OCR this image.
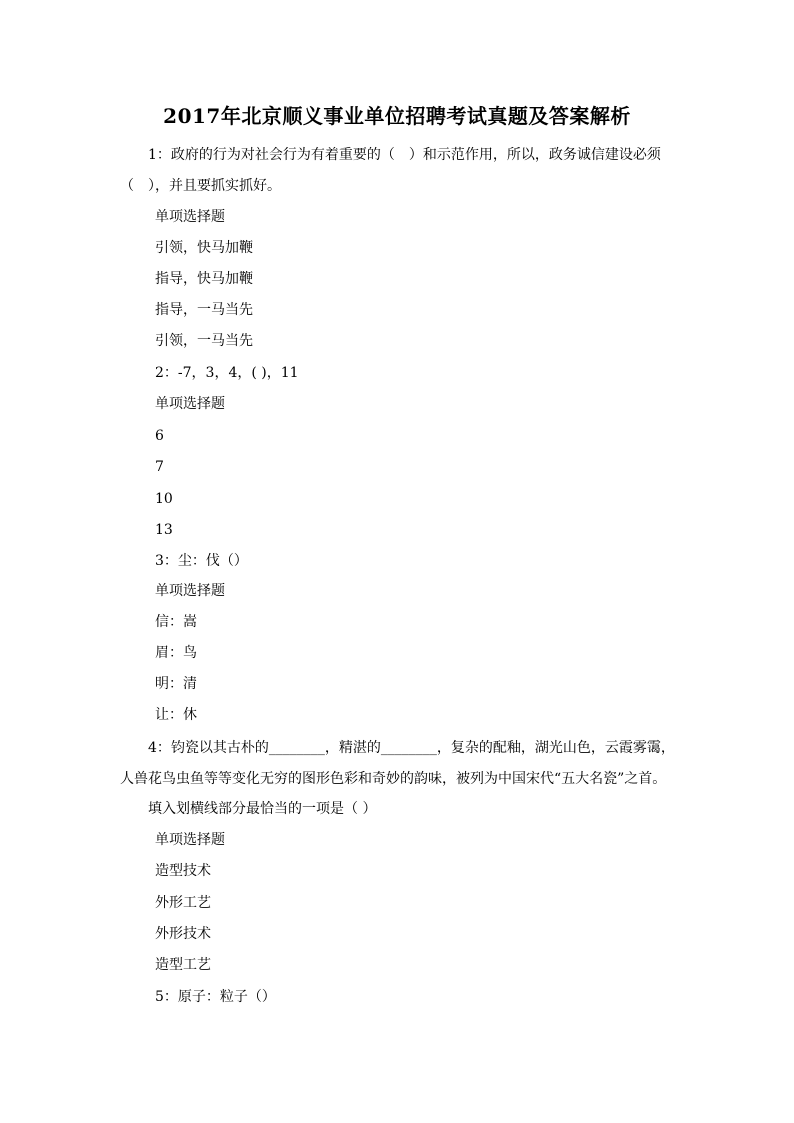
2017年北京顺义事业单位招聘考试真题及答案解析
1：政府的行为对社会行为有着重要的（　）和示范作用，所以，政务诚信建设必须（　），并且要抓实抓好。
单项选择题
引领，快马加鞭
指导，快马加鞭
指导，一马当先
引领，一马当先
2：-7，3，4，( )，11
单项选择题
6
7
10
13
3：尘：伐（）
单项选择题
信：嵩
眉：鸟
明：清
让：休
4：钧瓷以其古朴的________，精湛的________，复杂的配釉，湖光山色，云霞雾霭，人兽花鸟虫鱼等等变化无穷的图形色彩和奇妙的韵味，被列为中国宋代“五大名瓷”之首。
填入划横线部分最恰当的一项是（ ）
单项选择题
造型技术
外形工艺
外形技术
造型工艺
5：原子：粒子（）
